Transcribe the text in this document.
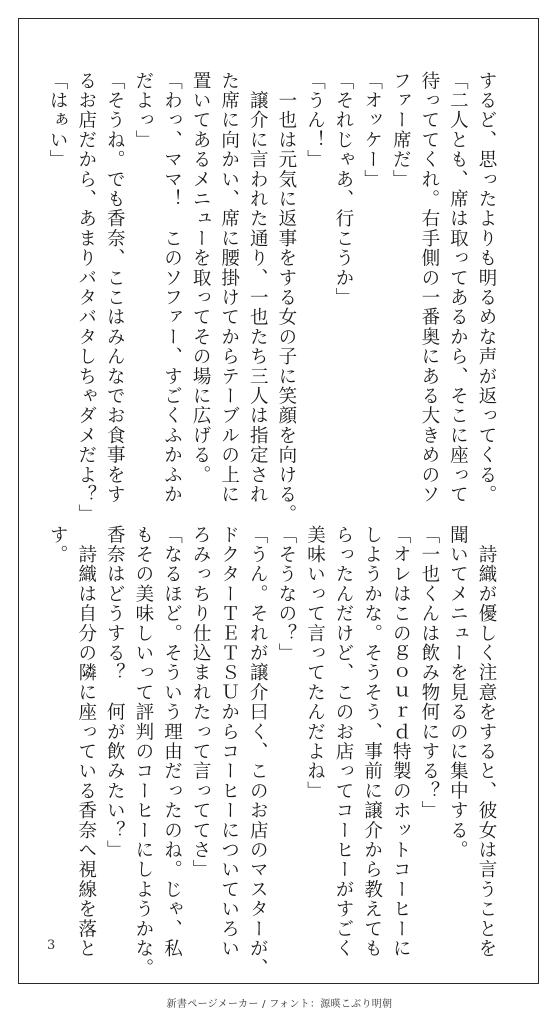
するど、思ったよりも明るめな声が返ってくる。
「二人とも、席は取ってあるから、そこに座って
待っててくれ。右手側の一番奥にある大きめのソ
ファー席だ」
「オッケー」
「それじゃあ、行こうか」
「うん！」
　一也は元気に返事をする女の子に笑顔を向ける。
　譲介に言われた通り、一也たち三人は指定され
た席に向かい、席に腰掛けてからテーブルの上に
置いてあるメニューを取ってその場に広げる。
「わっ、ママ！　このソファー、すごくふかふか
だよっ」
「そうね。でも香奈、ここはみんなでお食事をす
るお店だから、あまりバタバタしちゃダメだよ？」
「はぁい」
　詩織が優しく注意をすると、彼女は言うことを
聞いてメニューを見るのに集中する。
「一也くんは飲み物何にする？」
「オレはこのｇｏｕｒｄ特製のホットコーヒーに
しようかな。そうそう、事前に譲介から教えても
らったんだけど、このお店ってコーヒーがすごく
美味いって言ってたんだよね」
「そうなの？」
「うん。それが譲介曰く、このお店のマスターが、
ドクターＴＥＴＳＵからコーヒーについていろい
ろみっちり仕込まれたって言っててさ」
「なるほど。そういう理由だったのね。じゃ、私
もその美味しいって評判のコーヒーにしようかな。
香奈はどうする？　何が飲みたい？」
　詩織は自分の隣に座っている香奈へ視線を落と
す。
3
新書ページメーカー / フォント：源暎こぶり明朝
